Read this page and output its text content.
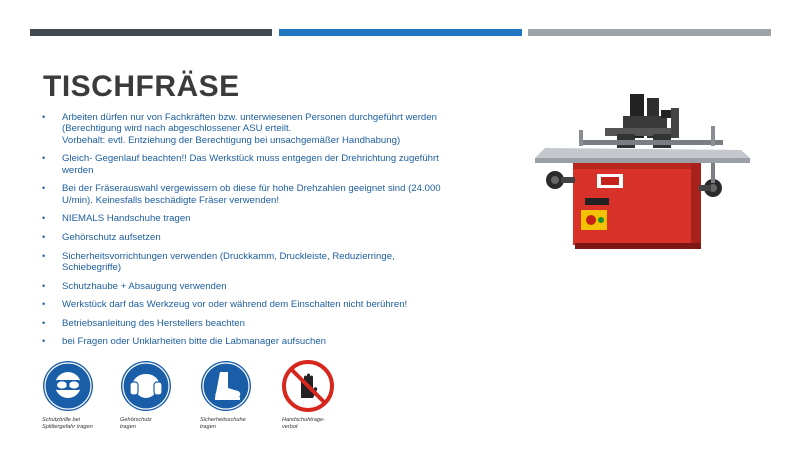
TISCHFRÄSE
• Arbeiten dürfen nur von Fachkräften bzw. unterwiesenen Personen durchgeführt werden
(Berechtigung wird nach abgeschlossener ASU erteilt.
Vorbehalt: evtl. Entziehung der Berechtigung bei unsachgemäßer Handhabung)
• Gleich- Gegenlauf beachten!! Das Werkstück muss entgegen der Drehrichtung zugeführt
werden
• Bei der Fräserauswahl vergewissern ob diese für hohe Drehzahlen geeignet sind (24.000
U/min). Keinesfalls beschädigte Fräser verwenden!
• NIEMALS Handschuhe tragen
• Gehörschutz aufsetzen
• Sicherheitsvorrichtungen verwenden (Druckkamm, Druckleiste, Reduzierringe, Schiebegriffe)
• Schutzhaube + Absaugung verwenden
• Werkstück darf das Werkzeug vor oder während dem Einschalten nicht berühren!
• Betriebsanleitung des Herstellers beachten
• bei Fragen oder Unklarheiten bitte die Labmanager aufsuchen
Schutzbrille bei
Splittergefahr tragen
Gehörschutz
tragen
Sicherheitsschuhe
tragen
Handschuhtrage-
verbot
